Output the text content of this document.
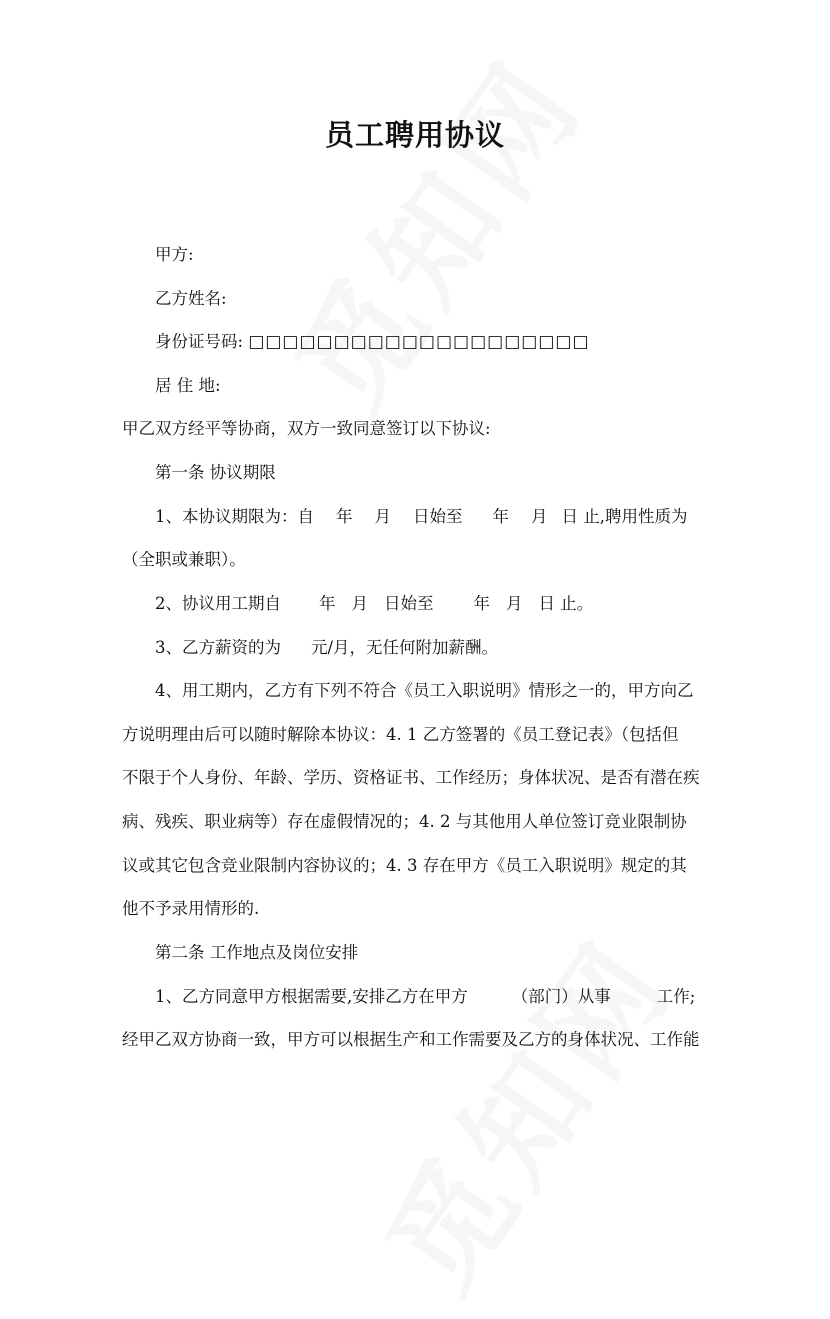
员工聘用协议
甲方:
乙方姓名:
身份证号码: □□□□□□□□□□□□□□□□□□□□
居 住 地:
甲乙双方经平等协商，双方一致同意签订以下协议:
第一条 协议期限
1、本协议期限为：自 年 月 日始至 年 月 日 止,聘用性质为
（全职或兼职）。
2、协议用工期自 年 月 日始至 年 月 日 止。
3、乙方薪资的为 元/月，无任何附加薪酬。
4、用工期内，乙方有下列不符合《员工入职说明》情形之一的，甲方向乙
方说明理由后可以随时解除本协议：4. 1 乙方签署的《员工登记表》（包括但
不限于个人身份、年龄、学历、资格证书、工作经历；身体状况、是否有潜在疾
病、残疾、职业病等）存在虚假情况的；4. 2 与其他用人单位签订竞业限制协
议或其它包含竞业限制内容协议的；4. 3 存在甲方《员工入职说明》规定的其
他不予录用情形的.
第二条 工作地点及岗位安排
1、乙方同意甲方根据需要,安排乙方在甲方	（部门）从事	工作;
经甲乙双方协商一致，甲方可以根据生产和工作需要及乙方的身体状况、工作能
